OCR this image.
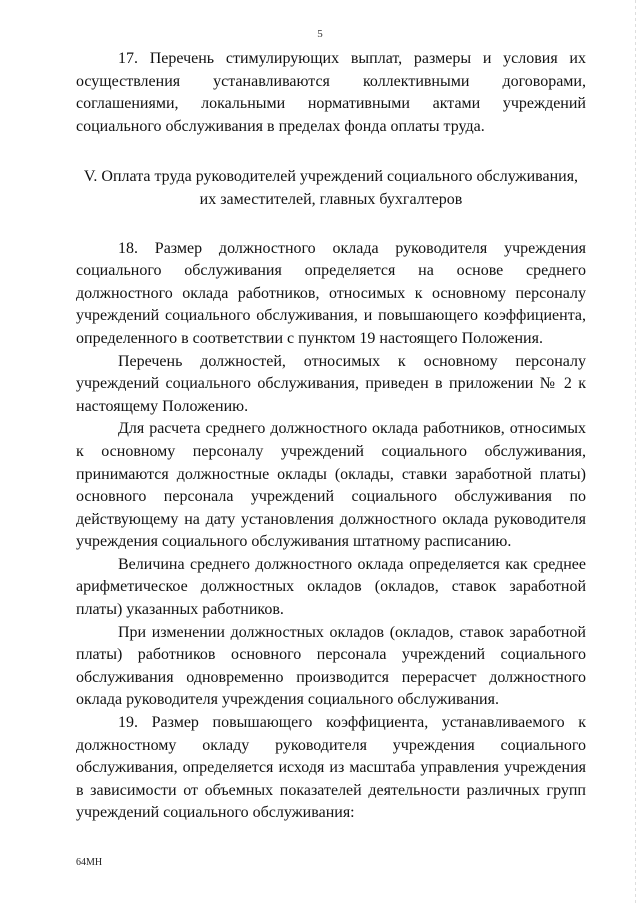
5

17. Перечень стимулирующих выплат, размеры и условия их осуществления устанавливаются коллективными договорами, соглашениями, локальными нормативными актами учреждений социального обслуживания в пределах фонда оплаты труда.

V. Оплата труда руководителей учреждений социального обслуживания,
их заместителей, главных бухгалтеров

18. Размер должностного оклада руководителя учреждения социального обслуживания определяется на основе среднего должностного оклада работников, относимых к основному персоналу учреждений социального обслуживания, и повышающего коэффициента, определенного в соответствии с пунктом 19 настоящего Положения.

Перечень должностей, относимых к основному персоналу учреждений социального обслуживания, приведен в приложении № 2 к настоящему Положению.

Для расчета среднего должностного оклада работников, относимых к основному персоналу учреждений социального обслуживания, принимаются должностные оклады (оклады, ставки заработной платы) основного персонала учреждений социального обслуживания по действующему на дату установления должностного оклада руководителя учреждения социального обслуживания штатному расписанию.

Величина среднего должностного оклада определяется как среднее арифметическое должностных окладов (окладов, ставок заработной платы) указанных работников.

При изменении должностных окладов (окладов, ставок заработной платы) работников основного персонала учреждений социального обслуживания одновременно производится перерасчет должностного оклада руководителя учреждения социального обслуживания.

19. Размер повышающего коэффициента, устанавливаемого к должностному окладу руководителя учреждения социального обслуживания, определяется исходя из масштаба управления учреждения в зависимости от объемных показателей деятельности различных групп учреждений социального обслуживания:

64МН
